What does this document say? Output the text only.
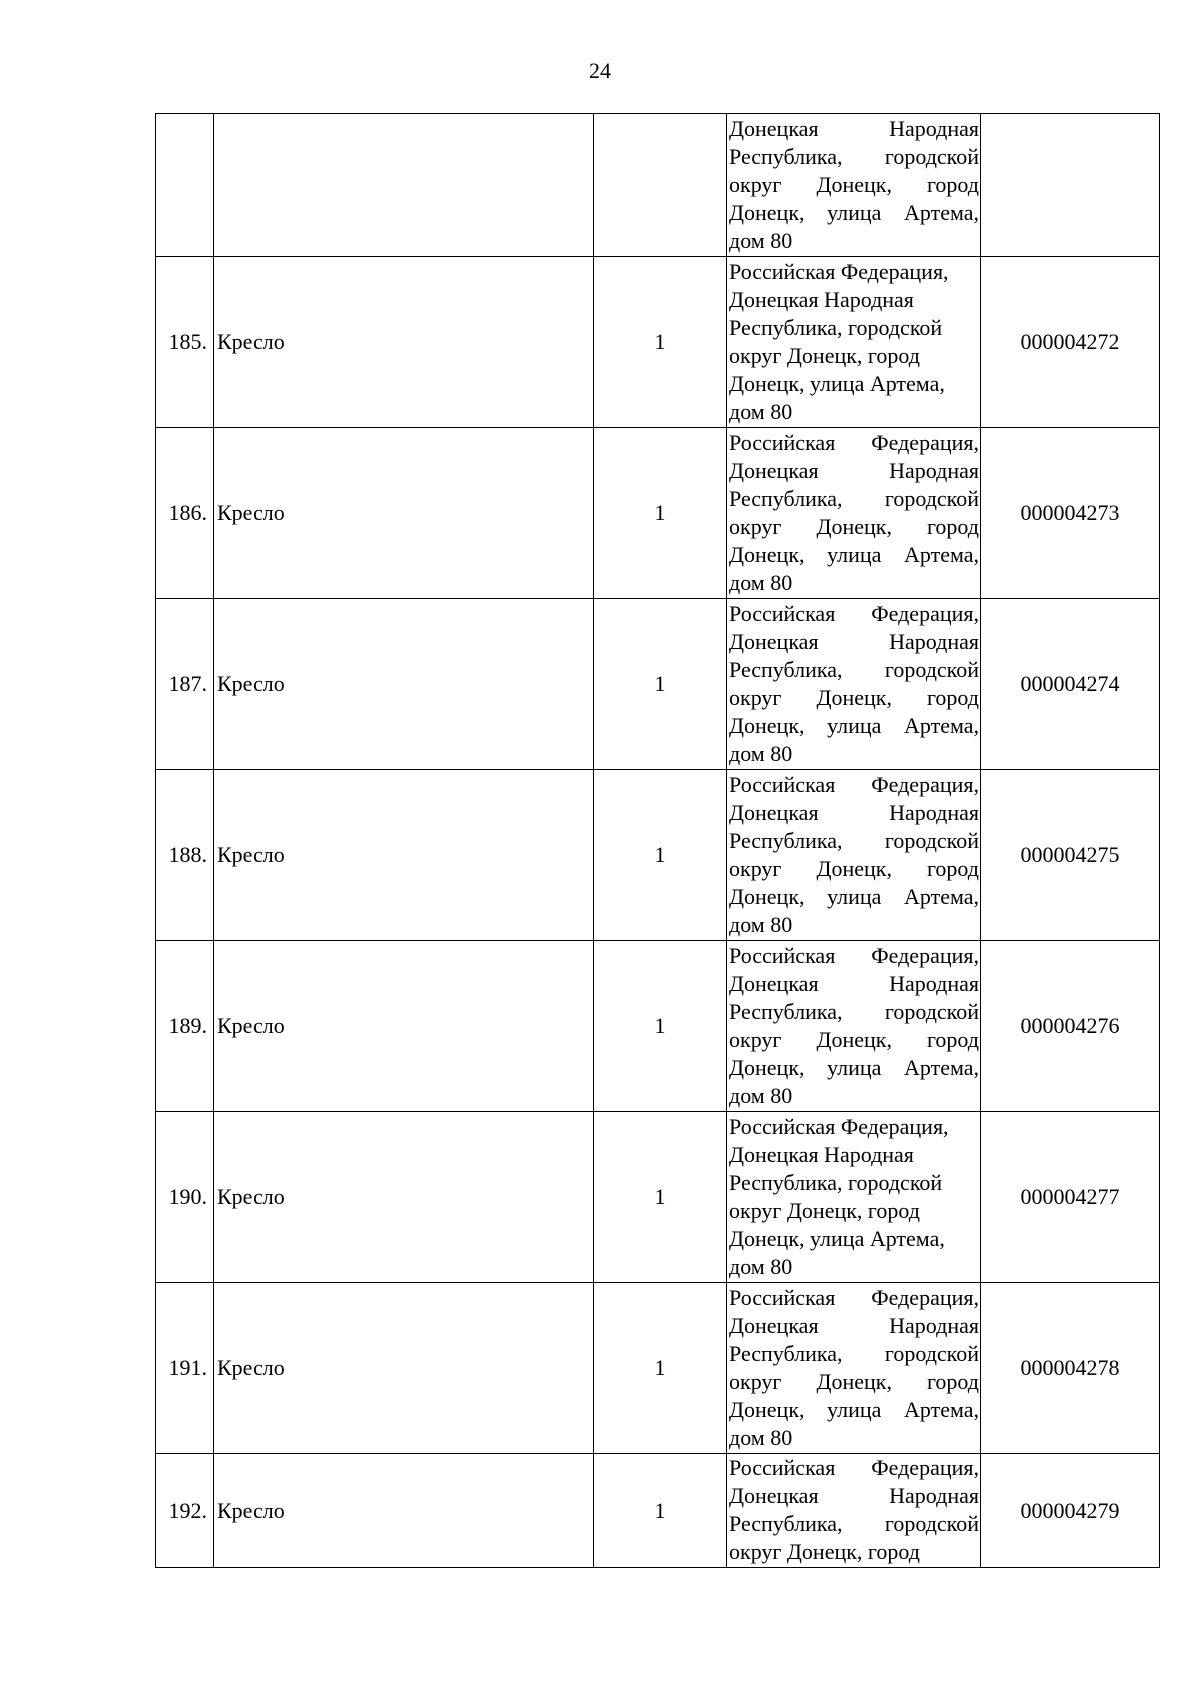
24
			Донецкая Народная Республика, городской округ Донецк, город Донецк, улица Артема, дом 80	
185.	Кресло	1	Российская Федерация, Донецкая Народная Республика, городской округ Донецк, город Донецк, улица Артема, дом 80	000004272
186.	Кресло	1	Российская Федерация, Донецкая Народная Республика, городской округ Донецк, город Донецк, улица Артема, дом 80	000004273
187.	Кресло	1	Российская Федерация, Донецкая Народная Республика, городской округ Донецк, город Донецк, улица Артема, дом 80	000004274
188.	Кресло	1	Российская Федерация, Донецкая Народная Республика, городской округ Донецк, город Донецк, улица Артема, дом 80	000004275
189.	Кресло	1	Российская Федерация, Донецкая Народная Республика, городской округ Донецк, город Донецк, улица Артема, дом 80	000004276
190.	Кресло	1	Российская Федерация, Донецкая Народная Республика, городской округ Донецк, город Донецк, улица Артема, дом 80	000004277
191.	Кресло	1	Российская Федерация, Донецкая Народная Республика, городской округ Донецк, город Донецк, улица Артема, дом 80	000004278
192.	Кресло	1	Российская Федерация, Донецкая Народная Республика, городской округ Донецк, город	000004279
